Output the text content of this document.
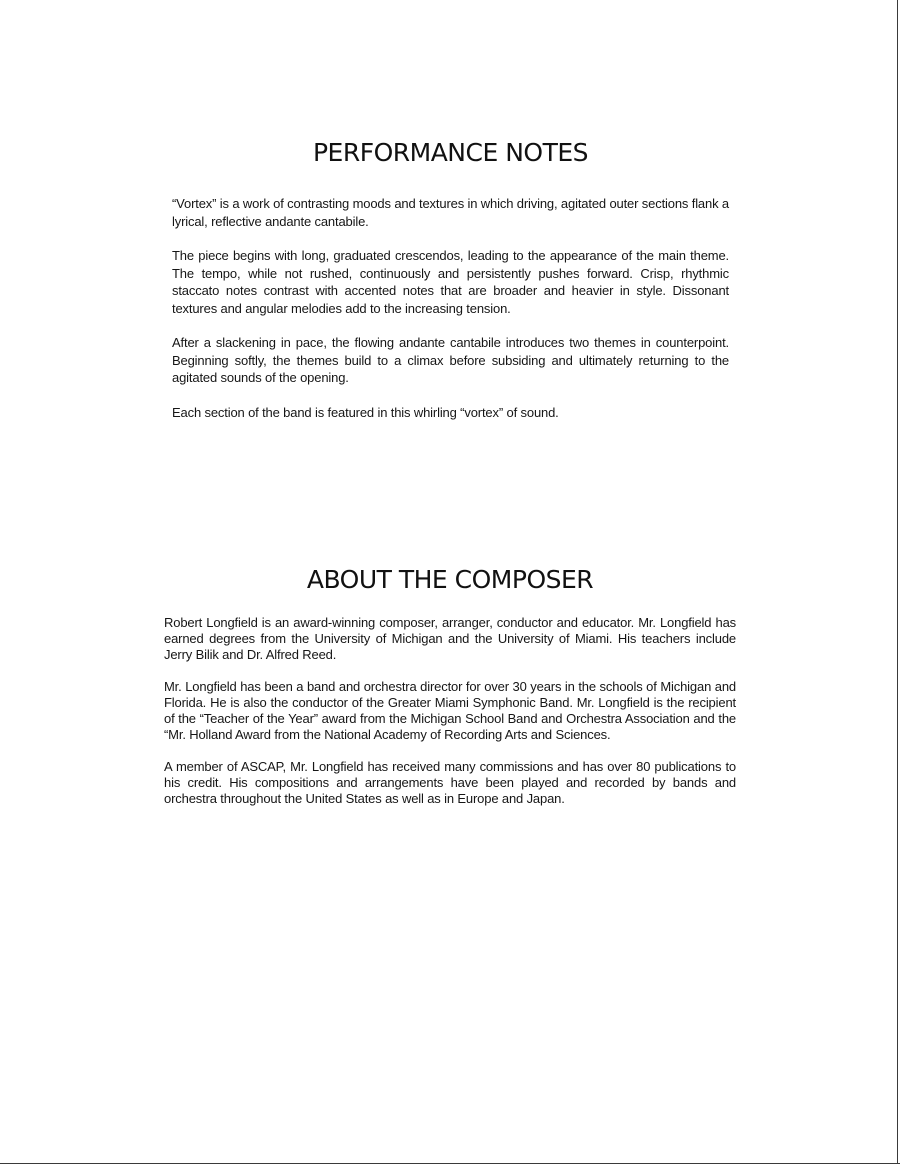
PERFORMANCE NOTES

“Vortex” is a work of contrasting moods and textures in which driving, agitated outer sections flank a lyrical, reflective andante cantabile.

The piece begins with long, graduated crescendos, leading to the appearance of the main theme. The tempo, while not rushed, continuously and persistently pushes forward. Crisp, rhythmic staccato notes contrast with accented notes that are broader and heavier in style. Dissonant textures and angular melodies add to the increasing tension.

After a slackening in pace, the flowing andante cantabile introduces two themes in counterpoint. Beginning softly, the themes build to a climax before subsiding and ultimately returning to the agitated sounds of the opening.

Each section of the band is featured in this whirling “vortex” of sound.

ABOUT THE COMPOSER

Robert Longfield is an award-winning composer, arranger, conductor and educator. Mr. Longfield has earned degrees from the University of Michigan and the University of Miami. His teachers include Jerry Bilik and Dr. Alfred Reed.

Mr. Longfield has been a band and orchestra director for over 30 years in the schools of Michigan and Florida. He is also the conductor of the Greater Miami Symphonic Band. Mr. Longfield is the recipient of the “Teacher of the Year” award from the Michigan School Band and Orchestra Association and the “Mr. Holland Award from the National Academy of Recording Arts and Sciences.

A member of ASCAP, Mr. Longfield has received many commissions and has over 80 publications to his credit. His compositions and arrangements have been played and recorded by bands and orchestra throughout the United States as well as in Europe and Japan.
